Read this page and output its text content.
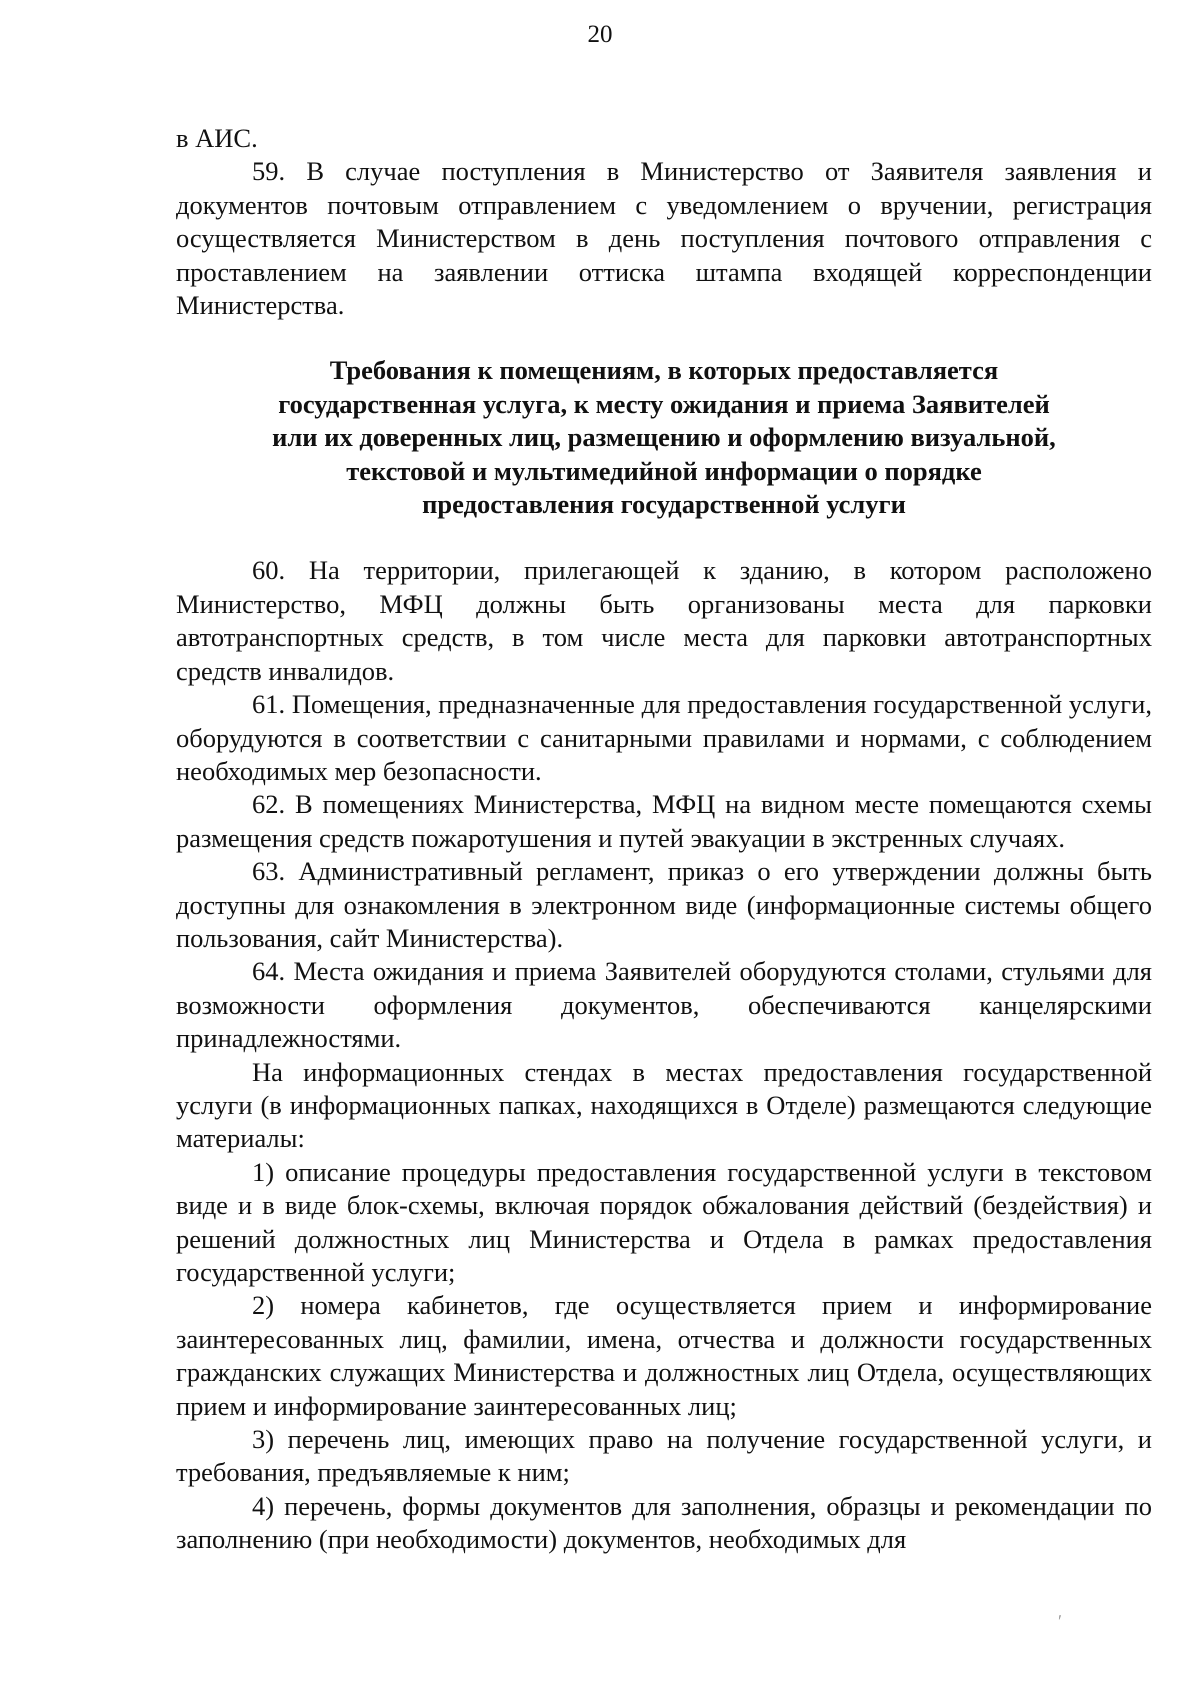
20

в АИС.

59. В случае поступления в Министерство от Заявителя заявления и документов почтовым отправлением с уведомлением о вручении, регистрация осуществляется Министерством в день поступления почтового отправления с проставлением на заявлении оттиска штампа входящей корреспонденции Министерства.

Требования к помещениям, в которых предоставляется
государственная услуга, к месту ожидания и приема Заявителей
или их доверенных лиц, размещению и оформлению визуальной,
текстовой и мультимедийной информации о порядке
предоставления государственной услуги

60. На территории, прилегающей к зданию, в котором расположено Министерство, МФЦ должны быть организованы места для парковки автотранспортных средств, в том числе места для парковки автотранспортных средств инвалидов.

61. Помещения, предназначенные для предоставления государственной услуги, оборудуются в соответствии с санитарными правилами и нормами, с соблюдением необходимых мер безопасности.

62. В помещениях Министерства, МФЦ на видном месте помещаются схемы размещения средств пожаротушения и путей эвакуации в экстренных случаях.

63. Административный регламент, приказ о его утверждении должны быть доступны для ознакомления в электронном виде (информационные системы общего пользования, сайт Министерства).

64. Места ожидания и приема Заявителей оборудуются столами, стульями для возможности оформления документов, обеспечиваются канцелярскими принадлежностями.

На информационных стендах в местах предоставления государственной услуги (в информационных папках, находящихся в Отделе) размещаются следующие материалы:

1) описание процедуры предоставления государственной услуги в текстовом виде и в виде блок-схемы, включая порядок обжалования действий (бездействия) и решений должностных лиц Министерства и Отдела в рамках предоставления государственной услуги;

2) номера кабинетов, где осуществляется прием и информирование заинтересованных лиц, фамилии, имена, отчества и должности государственных гражданских служащих Министерства и должностных лиц Отдела, осуществляющих прием и информирование заинтересованных лиц;

3) перечень лиц, имеющих право на получение государственной услуги, и требования, предъявляемые к ним;

4) перечень, формы документов для заполнения, образцы и рекомендации по заполнению (при необходимости) документов, необходимых для

ʹ
